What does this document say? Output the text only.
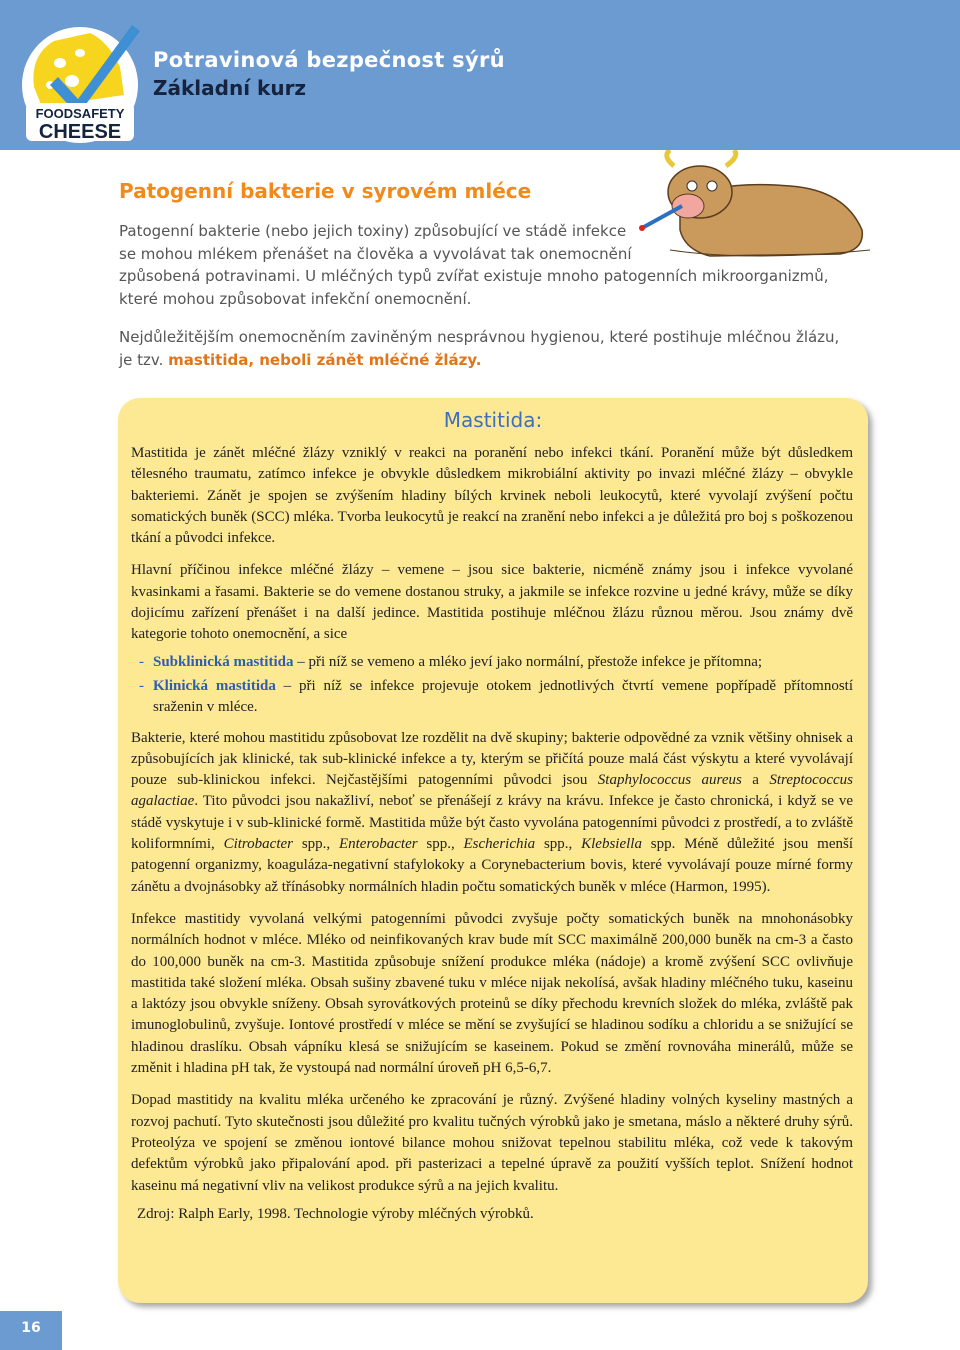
FOODSAFETY
CHEESE
Potravinová bezpečnost sýrů
Základní kurz
Patogenní bakterie v syrovém mléce

Patogenní bakterie (nebo jejich toxiny) způsobující ve stádě infekce
se mohou mlékem přenášet na člověka a vyvolávat tak onemocnění
způsobená potravinami. U mléčných typů zvířat existuje mnoho patogenních mikroorganizmů,
které mohou způsobovat infekční onemocnění.

Nejdůležitějším onemocněním zaviněným nesprávnou hygienou, které postihuje mléčnou žlázu,
je tzv. mastitida, neboli zánět mléčné žlázy.

Mastitida:

Mastitida je zánět mléčné žlázy vzniklý v reakci na poranění nebo infekci tkání. Poranění může být důsledkem tělesného traumatu, zatímco infekce je obvykle důsledkem mikrobiální aktivity po invazi mléčné žlázy – obvykle bakteriemi. Zánět je spojen se zvýšením hladiny bílých krvinek neboli leukocytů, které vyvolají zvýšení počtu somatických buněk (SCC) mléka. Tvorba leukocytů je reakcí na zranění nebo infekci a je důležitá pro boj s poškozenou tkání a původci infekce.

Hlavní příčinou infekce mléčné žlázy – vemene – jsou sice bakterie, nicméně známy jsou i infekce vyvolané kvasinkami a řasami. Bakterie se do vemene dostanou struky, a jakmile se infekce rozvine u jedné krávy, může se díky dojicímu zařízení přenášet i na další jedince. Mastitida postihuje mléčnou žlázu různou měrou. Jsou známy dvě kategorie tohoto onemocnění, a sice

- Subklinická mastitida – při níž se vemeno a mléko jeví jako normální, přestože infekce je přítomna;
- Klinická mastitida – při níž se infekce projevuje otokem jednotlivých čtvrtí vemene popřípadě přítomností sraženin v mléce.

Bakterie, které mohou mastitidu způsobovat lze rozdělit na dvě skupiny; bakterie odpovědné za vznik většiny ohnisek a způsobujících jak klinické, tak sub-klinické infekce a ty, kterým se přičítá pouze malá část výskytu a které vyvolávají pouze sub-klinickou infekci. Nejčastějšími patogenními původci jsou Staphylococcus aureus a Streptococcus agalactiae. Tito původci jsou nakažliví, neboť se přenášejí z krávy na krávu. Infekce je často chronická, i když se ve stádě vyskytuje i v sub-klinické formě. Mastitida může být často vyvolána patogenními původci z prostředí, a to zvláště koliformními, Citrobacter spp., Enterobacter spp., Escherichia spp., Klebsiella spp. Méně důležité jsou menší patogenní organizmy, koaguláza-negativní stafylokoky a Corynebacterium bovis, které vyvolávají pouze mírné formy zánětu a dvojnásobky až třínásobky normálních hladin počtu somatických buněk v mléce (Harmon, 1995).

Infekce mastitidy vyvolaná velkými patogenními původci zvyšuje počty somatických buněk na mnohonásobky normálních hodnot v mléce. Mléko od neinfikovaných krav bude mít SCC maximálně 200,000 buněk na cm-3 a často do 100,000 buněk na cm-3. Mastitida způsobuje snížení produkce mléka (nádoje) a kromě zvýšení SCC ovlivňuje mastitida také složení mléka. Obsah sušiny zbavené tuku v mléce nijak nekolísá, avšak hladiny mléčného tuku, kaseinu a laktózy jsou obvykle sníženy. Obsah syrovátkových proteinů se díky přechodu krevních složek do mléka, zvláště pak imunoglobulinů, zvyšuje. Iontové prostředí v mléce se mění se zvyšující se hladinou sodíku a chloridu a se snižující se hladinou draslíku. Obsah vápníku klesá se snižujícím se kaseinem. Pokud se změní rovnováha minerálů, může se změnit i hladina pH tak, že vystoupá nad normální úroveň pH 6,5-6,7.

Dopad mastitidy na kvalitu mléka určeného ke zpracování je různý. Zvýšené hladiny volných kyseliny mastných a rozvoj pachutí. Tyto skutečnosti jsou důležité pro kvalitu tučných výrobků jako je smetana, máslo a některé druhy sýrů. Proteolýza ve spojení se změnou iontové bilance mohou snižovat tepelnou stabilitu mléka, což vede k takovým defektům výrobků jako připalování apod. při pasterizaci a tepelné úpravě za použití vyšších teplot. Snížení hodnot kaseinu má negativní vliv na velikost produkce sýrů a na jejich kvalitu.

Zdroj: Ralph Early, 1998. Technologie výroby mléčných výrobků.

16
